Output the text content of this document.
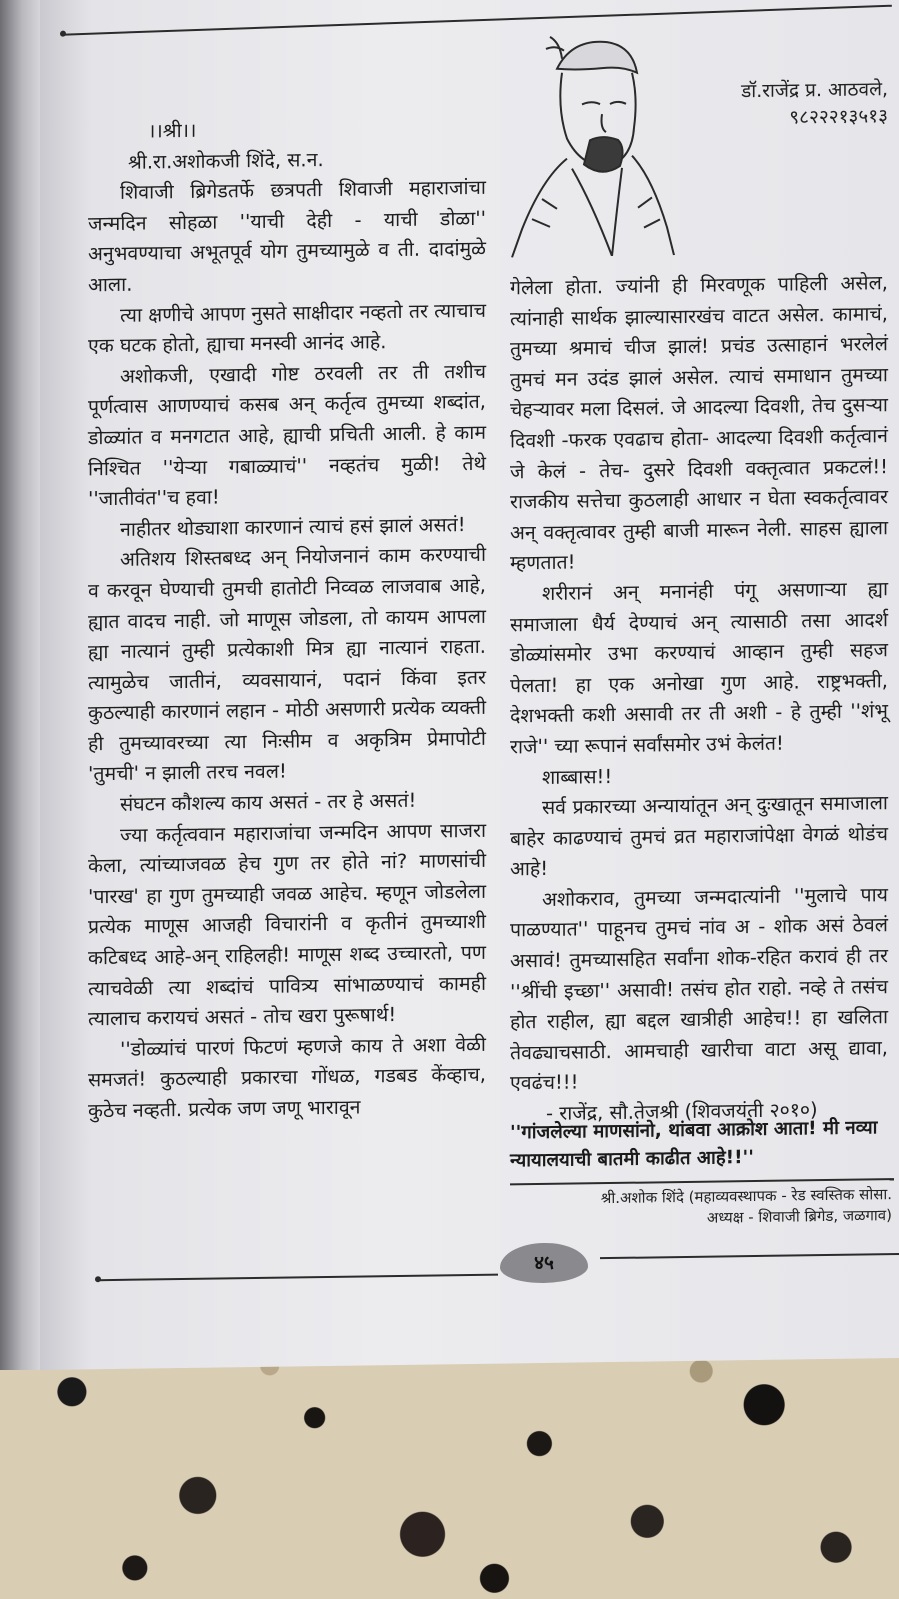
।।श्री।।

श्री.रा.अशोकजी शिंदे, स.न.

शिवाजी ब्रिगेडतर्फे छत्रपती शिवाजी महाराजांचा जन्मदिन सोहळा ''याची देही - याची डोळा'' अनुभवण्याचा अभूतपूर्व योग तुमच्यामुळे व ती. दादांमुळे आला.

त्या क्षणीचे आपण नुसते साक्षीदार नव्हतो तर त्याचाच एक घटक होतो, ह्याचा मनस्वी आनंद आहे.

अशोकजी, एखादी गोष्ट ठरवली तर ती तशीच पूर्णत्वास आणण्याचं कसब अन् कर्तृत्व तुमच्या शब्दांत, डोळ्यांत व मनगटात आहे, ह्याची प्रचिती आली. हे काम निश्चित ''येऱ्या गबाळ्याचं'' नव्हतंच मुळी! तेथे ''जातीवंत''च हवा!

नाहीतर थोड्याशा कारणानं त्याचं हसं झालं असतं!

अतिशय शिस्तबध्द अन् नियोजनानं काम करण्याची व करवून घेण्याची तुमची हातोटी निव्वळ लाजवाब आहे, ह्यात वादच नाही. जो माणूस जोडला, तो कायम आपला ह्या नात्यानं तुम्ही प्रत्येकाशी मित्र ह्या नात्यानं राहता. त्यामुळेच जातीनं, व्यवसायानं, पदानं किंवा इतर कुठल्याही कारणानं लहान - मोठी असणारी प्रत्येक व्यक्ती ही तुमच्यावरच्या त्या निःसीम व अकृत्रिम प्रेमापोटी 'तुमची' न झाली तरच नवल!

संघटन कौशल्य काय असतं - तर हे असतं!

ज्या कर्तृत्ववान महाराजांचा जन्मदिन आपण साजरा केला, त्यांच्याजवळ हेच गुण तर होते नां? माणसांची 'पारख' हा गुण तुमच्याही जवळ आहेच. म्हणून जोडलेला प्रत्येक माणूस आजही विचारांनी व कृतीनं तुमच्याशी कटिबध्द आहे-अन् राहिलही! माणूस शब्द उच्चारतो, पण त्याचवेळी त्या शब्दांचं पावित्र्य सांभाळण्याचं कामही त्यालाच करायचं असतं - तोच खरा पुरूषार्थ!

''डोळ्यांचं पारणं फिटणं म्हणजे काय ते अशा वेळी समजतं! कुठल्याही प्रकारचा गोंधळ, गडबड केंव्हाच, कुठेच नव्हती. प्रत्येक जण जणू भारावून

डॉ.राजेंद्र प्र. आठवले,
९८२२२१३५१३

गेलेला होता. ज्यांनी ही मिरवणूक पाहिली असेल, त्यांनाही सार्थक झाल्यासारखंच वाटत असेल. कामाचं, तुमच्या श्रमाचं चीज झालं! प्रचंड उत्साहानं भरलेलं तुमचं मन उदंड झालं असेल. त्याचं समाधान तुमच्या चेहऱ्यावर मला दिसलं. जे आदल्या दिवशी, तेच दुसऱ्या दिवशी -फरक एवढाच होता- आदल्या दिवशी कर्तृत्वानं जे केलं - तेच- दुसरे दिवशी वक्तृत्वात प्रकटलं!! राजकीय सत्तेचा कुठलाही आधार न घेता स्वकर्तृत्वावर अन् वक्तृत्वावर तुम्ही बाजी मारून नेली. साहस ह्याला म्हणतात!

शरीरानं अन् मनानंही पंगू असणाऱ्या ह्या समाजाला धैर्य देण्याचं अन् त्यासाठी तसा आदर्श डोळ्यांसमोर उभा करण्याचं आव्हान तुम्ही सहज पेलता! हा एक अनोखा गुण आहे. राष्ट्रभक्ती, देशभक्ती कशी असावी तर ती अशी - हे तुम्ही ''शंभू राजे'' च्या रूपानं सर्वांसमोर उभं केलंत!

शाब्बास!!

सर्व प्रकारच्या अन्यायांतून अन् दुःखातून समाजाला बाहेर काढण्याचं तुमचं व्रत महाराजांपेक्षा वेगळं थोडंच आहे!

अशोकराव, तुमच्या जन्मदात्यांनी ''मुलाचे पाय पाळण्यात'' पाहूनच तुमचं नांव अ - शोक असं ठेवलं असावं! तुमच्यासहित सर्वांना शोक-रहित करावं ही तर ''श्रींची इच्छा'' असावी! तसंच होत राहो. नव्हे ते तसंच होत राहील, ह्या बद्दल खात्रीही आहेच!! हा खलिता तेवढ्याचसाठी. आमचाही खारीचा वाटा असू द्यावा, एवढंच!!!

- राजेंद्र, सौ.तेजश्री (शिवजयंती २०१०)

''गांजलेल्या माणसांनो, थांबवा आक्रोश आता! मी नव्या न्यायालयाची बातमी काढीत आहे!!''
श्री.अशोक शिंदे (महाव्यवस्थापक - रेड स्वस्तिक सोसा.
अध्यक्ष - शिवाजी ब्रिगेड, जळगाव)
४५
